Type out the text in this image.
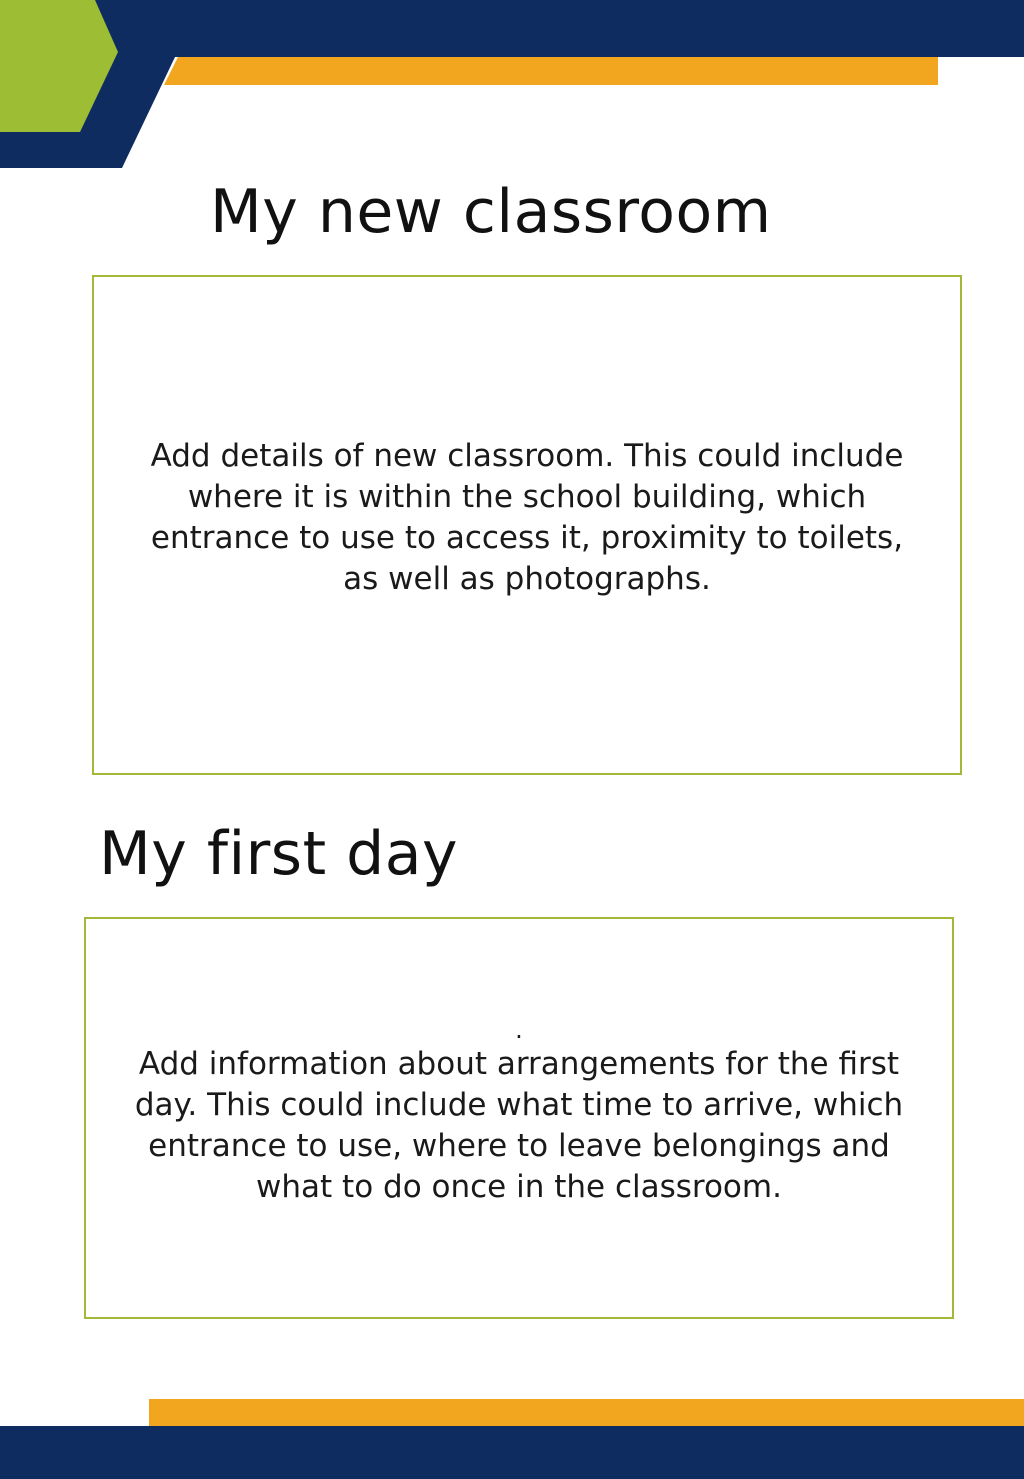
My new classroom

Add details of new classroom. This could include
where it is within the school building, which
entrance to use to access it, proximity to toilets,
as well as photographs.

My first day

.
Add information about arrangements for the first
day. This could include what time to arrive, which
entrance to use, where to leave belongings and
what to do once in the classroom.
